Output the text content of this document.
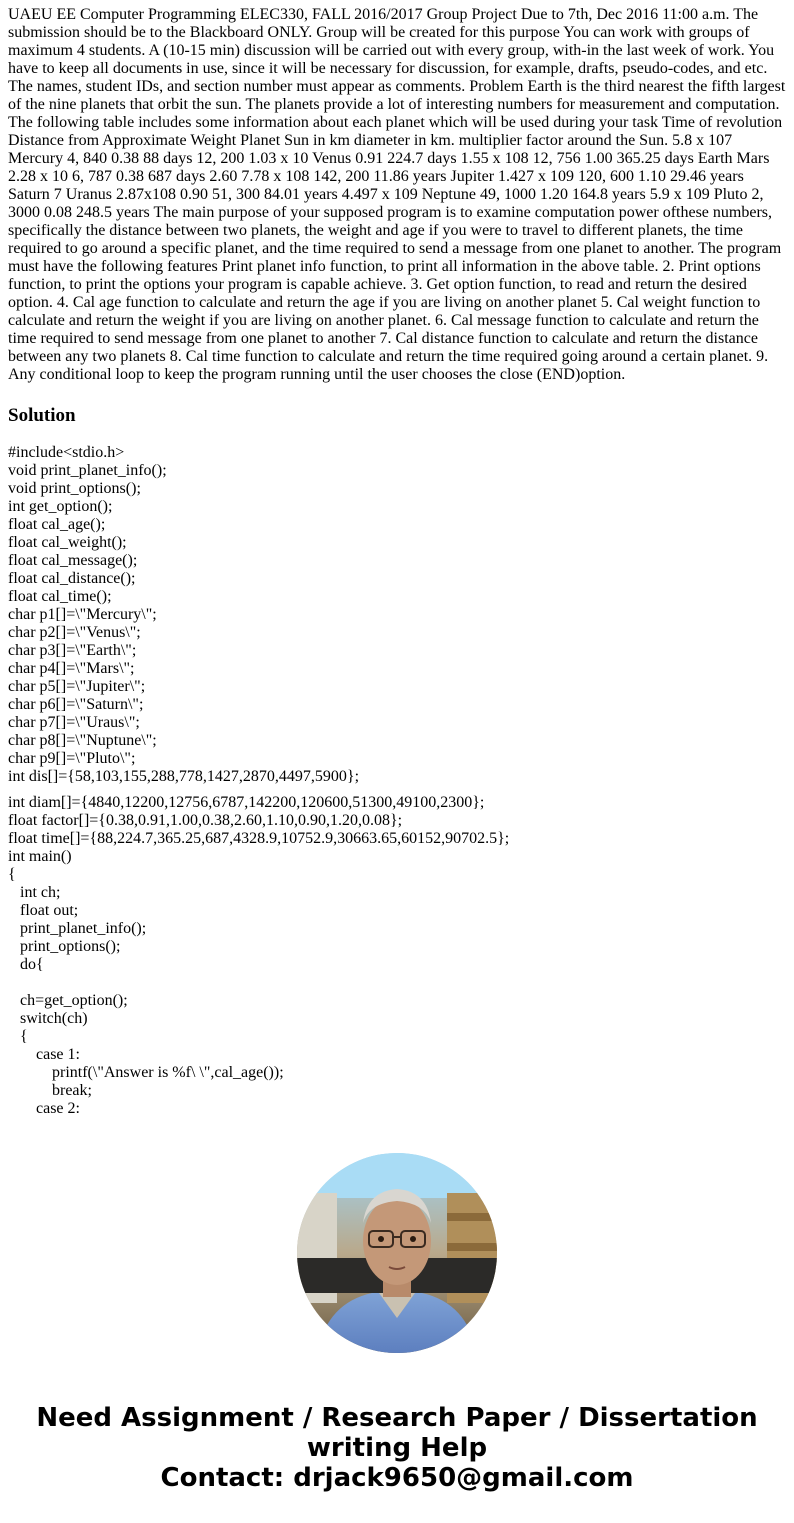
UAEU EE Computer Programming ELEC330, FALL 2016/2017 Group Project Due to 7th, Dec 2016 11:00 a.m. The submission should be to the Blackboard ONLY. Group will be created for this purpose You can work with groups of maximum 4 students. A (10-15 min) discussion will be carried out with every group, with-in the last week of work. You have to keep all documents in use, since it will be necessary for discussion, for example, drafts, pseudo-codes, and etc. The names, student IDs, and section number must appear as comments. Problem Earth is the third nearest the fifth largest of the nine planets that orbit the sun. The planets provide a lot of interesting numbers for measurement and computation. The following table includes some information about each planet which will be used during your task Time of revolution Distance from Approximate Weight Planet Sun in km diameter in km. multiplier factor around the Sun. 5.8 x 107 Mercury 4, 840 0.38 88 days 12, 200 1.03 x 10 Venus 0.91 224.7 days 1.55 x 108 12, 756 1.00 365.25 days Earth Mars 2.28 x 10 6, 787 0.38 687 days 2.60 7.78 x 108 142, 200 11.86 years Jupiter 1.427 x 109 120, 600 1.10 29.46 years Saturn 7 Uranus 2.87x108 0.90 51, 300 84.01 years 4.497 x 109 Neptune 49, 1000 1.20 164.8 years 5.9 x 109 Pluto 2, 3000 0.08 248.5 years The main purpose of your supposed program is to examine computation power ofthese numbers, specifically the distance between two planets, the weight and age if you were to travel to different planets, the time required to go around a specific planet, and the time required to send a message from one planet to another. The program must have the following features Print planet info function, to print all information in the above table. 2. Print options function, to print the options your program is capable achieve. 3. Get option function, to read and return the desired option. 4. Cal age function to calculate and return the age if you are living on another planet 5. Cal weight function to calculate and return the weight if you are living on another planet. 6. Cal message function to calculate and return the time required to send message from one planet to another 7. Cal distance function to calculate and return the distance between any two planets 8. Cal time function to calculate and return the time required going around a certain planet. 9. Any conditional loop to keep the program running until the user chooses the close (END)option.

Solution
#include<stdio.h>
void print_planet_info();
void print_options();
int get_option();
float cal_age();
float cal_weight();
float cal_message();
float cal_distance();
float cal_time();
char p1[]=\"Mercury\";
char p2[]=\"Venus\";
char p3[]=\"Earth\";
char p4[]=\"Mars\";
char p5[]=\"Jupiter\";
char p6[]=\"Saturn\";
char p7[]=\"Uraus\";
char p8[]=\"Nuptune\";
char p9[]=\"Pluto\";
int dis[]={58,103,155,288,778,1427,2870,4497,5900};
int diam[]={4840,12200,12756,6787,142200,120600,51300,49100,2300};
float factor[]={0.38,0.91,1.00,0.38,2.60,1.10,0.90,1.20,0.08};
float time[]={88,224.7,365.25,687,4328.9,10752.9,30663.65,60152,90702.5};
int main()
{
int ch;
float out;
print_planet_info();
print_options();
do{
ch=get_option();
switch(ch)
{
case 1:
printf(\"Answer is %f\ \",cal_age());
break;
case 2:
Need Assignment / Research Paper / Dissertation
writing Help
Contact: drjack9650@gmail.com
